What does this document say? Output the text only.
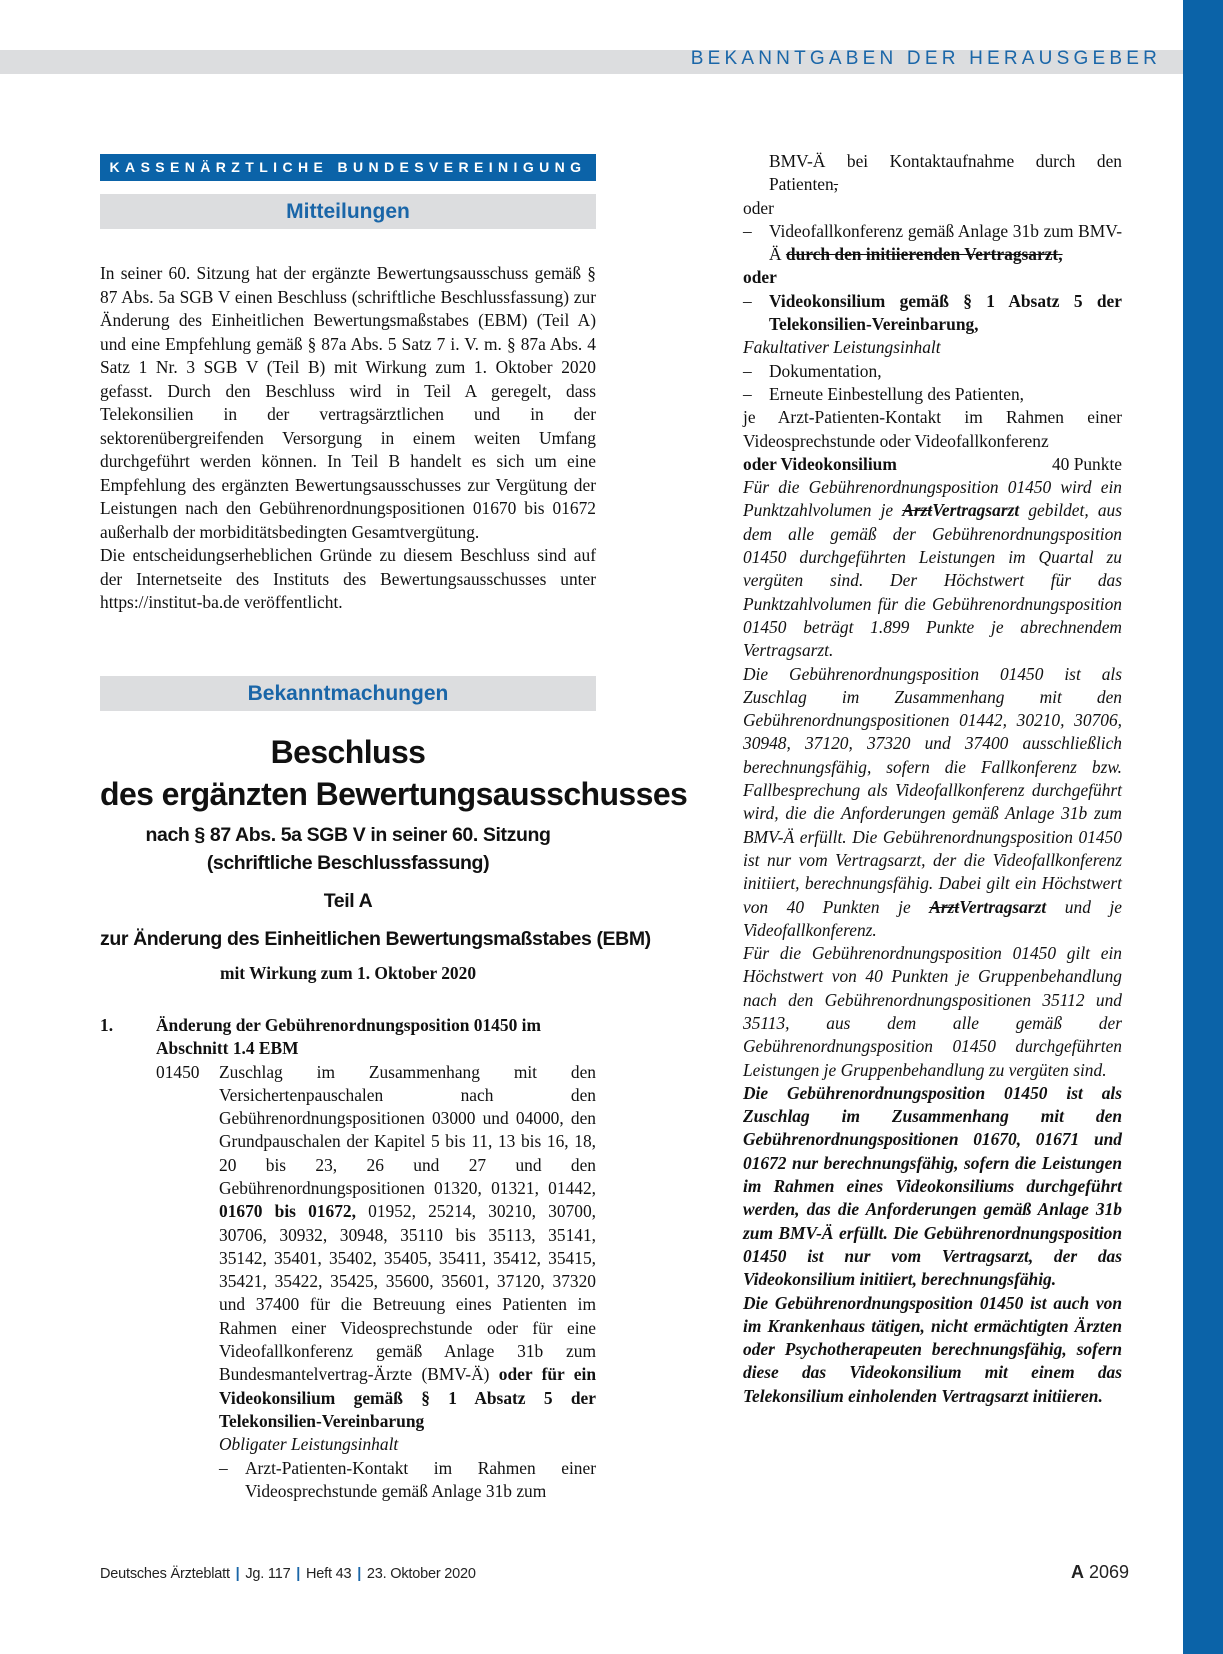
BEKANNTGABEN DER HERAUSGEBER
KASSENÄRZTLICHE BUNDESVEREINIGUNG
Mitteilungen

In seiner 60. Sitzung hat der ergänzte Bewertungsausschuss gemäß § 87 Abs. 5a SGB V einen Beschluss (schriftliche Beschlussfassung) zur Änderung des Einheitlichen Bewertungsmaßstabes (EBM) (Teil A) und eine Empfehlung gemäß § 87a Abs. 5 Satz 7 i. V. m. § 87a Abs. 4 Satz 1 Nr. 3 SGB V (Teil B) mit Wirkung zum 1. Oktober 2020 gefasst. Durch den Beschluss wird in Teil A geregelt, dass Telekonsilien in der vertragsärztlichen und in der sektorenübergreifenden Versorgung in einem weiten Umfang durchgeführt werden können. In Teil B handelt es sich um eine Empfehlung des ergänzten Bewertungsausschusses zur Vergütung der Leistungen nach den Gebührenordnungspositionen 01670 bis 01672 außerhalb der morbiditätsbedingten Gesamtvergütung.

Die entscheidungserheblichen Gründe zu diesem Beschluss sind auf der Internetseite des Instituts des Bewertungsausschusses unter https://institut-ba.de veröffentlicht.

Bekanntmachungen
Beschluss
des ergänzten Bewertungsausschusses
nach § 87 Abs. 5a SGB V in seiner 60. Sitzung
(schriftliche Beschlussfassung)
Teil A
zur Änderung des Einheitlichen Bewertungsmaßstabes (EBM)
mit Wirkung zum 1. Oktober 2020
1.	Änderung der Gebührenordnungsposition 01450 im Abschnitt 1.4 EBM
01450	Zuschlag im Zusammenhang mit den Versichertenpauschalen nach den Gebührenordnungspositionen 03000 und 04000, den Grundpauschalen der Kapitel 5 bis 11, 13 bis 16, 18, 20 bis 23, 26 und 27 und den Gebührenordnungspositionen 01320, 01321, 01442, 01670 bis 01672, 01952, 25214, 30210, 30700, 30706, 30932, 30948, 35110 bis 35113, 35141, 35142, 35401, 35402, 35405, 35411, 35412, 35415, 35421, 35422, 35425, 35600, 35601, 37120, 37320 und 37400 für die Betreuung eines Patienten im Rahmen einer Videosprechstunde oder für eine Videofallkonferenz gemäß Anlage 31b zum Bundesmantelvertrag-Ärzte (BMV-Ä) oder für ein Videokonsilium gemäß § 1 Absatz 5 der Telekonsilien-Vereinbarung

Obligater Leistungsinhalt

– Arzt-Patienten-Kontakt im Rahmen einer Videosprechstunde gemäß Anlage 31b zum
BMV-Ä bei Kontaktaufnahme durch den Patienten,

oder

– Videofallkonferenz gemäß Anlage 31b zum BMV-Ä durch den initiierenden Vertragsarzt,

oder

– Videokonsilium gemäß § 1 Absatz 5 der Telekonsilien-Vereinbarung,

Fakultativer Leistungsinhalt

– Dokumentation,
– Erneute Einbestellung des Patienten,

je Arzt-Patienten-Kontakt im Rahmen einer Videosprechstunde oder Videofallkonferenz

oder Videokonsilium	40 Punkte

Für die Gebührenordnungsposition 01450 wird ein Punktzahlvolumen je ArztVertragsarzt gebildet, aus dem alle gemäß der Gebührenordnungsposition 01450 durchgeführten Leistungen im Quartal zu vergüten sind. Der Höchstwert für das Punktzahlvolumen für die Gebührenordnungsposition 01450 beträgt 1.899 Punkte je abrechnendem Vertragsarzt.

Die Gebührenordnungsposition 01450 ist als Zuschlag im Zusammenhang mit den Gebührenordnungspositionen 01442, 30210, 30706, 30948, 37120, 37320 und 37400 ausschließlich berechnungsfähig, sofern die Fallkonferenz bzw. Fallbesprechung als Videofallkonferenz durchgeführt wird, die die Anforderungen gemäß Anlage 31b zum BMV-Ä erfüllt. Die Gebührenordnungsposition 01450 ist nur vom Vertragsarzt, der die Videofallkonferenz initiiert, berechnungsfähig. Dabei gilt ein Höchstwert von 40 Punkten je ArztVertragsarzt und je Videofallkonferenz.

Für die Gebührenordnungsposition 01450 gilt ein Höchstwert von 40 Punkten je Gruppenbehandlung nach den Gebührenordnungspositionen 35112 und 35113, aus dem alle gemäß der Gebührenordnungsposition 01450 durchgeführten Leistungen je Gruppenbehandlung zu vergüten sind.

Die Gebührenordnungsposition 01450 ist als Zuschlag im Zusammenhang mit den Gebührenordnungspositionen 01670, 01671 und 01672 nur berechnungsfähig, sofern die Leistungen im Rahmen eines Videokonsiliums durchgeführt werden, das die Anforderungen gemäß Anlage 31b zum BMV-Ä erfüllt. Die Gebührenordnungsposition 01450 ist nur vom Vertragsarzt, der das Videokonsilium initiiert, berechnungsfähig.

Die Gebührenordnungsposition 01450 ist auch von im Krankenhaus tätigen, nicht ermächtigten Ärzten oder Psychotherapeuten berechnungsfähig, sofern diese das Videokonsilium mit einem das Telekonsilium einholenden Vertragsarzt initiieren.

Deutsches Ärzteblatt | Jg. 117 | Heft 43 | 23. Oktober 2020	A 2069
